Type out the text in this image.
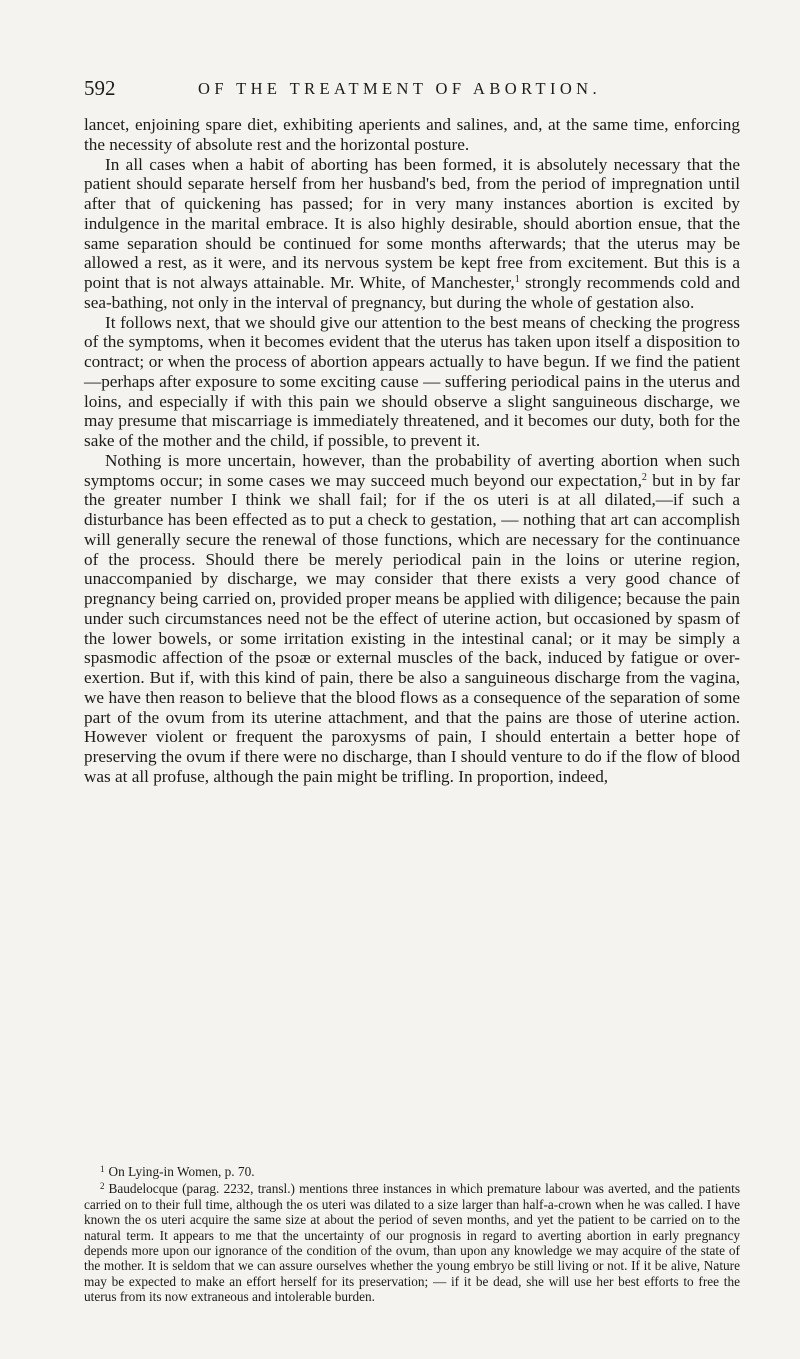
592	OF THE TREATMENT OF ABORTION.

lancet, enjoining spare diet, exhibiting aperients and salines, and, at the same time, enforcing the necessity of absolute rest and the horizontal posture.

In all cases when a habit of aborting has been formed, it is absolutely necessary that the patient should separate herself from her husband's bed, from the period of impregnation until after that of quickening has passed; for in very many instances abortion is excited by indulgence in the marital embrace. It is also highly desirable, should abortion ensue, that the same separation should be continued for some months afterwards; that the uterus may be allowed a rest, as it were, and its nervous system be kept free from excitement. But this is a point that is not always attainable. Mr. White, of Manchester,$^1$ strongly recommends cold and sea-bathing, not only in the interval of pregnancy, but during the whole of gestation also.

It follows next, that we should give our attention to the best means of checking the progress of the symptoms, when it becomes evident that the uterus has taken upon itself a disposition to contract; or when the process of abortion appears actually to have begun. If we find the patient—perhaps after exposure to some exciting cause — suffering periodical pains in the uterus and loins, and especially if with this pain we should observe a slight sanguineous discharge, we may presume that miscarriage is immediately threatened, and it becomes our duty, both for the sake of the mother and the child, if possible, to prevent it.

Nothing is more uncertain, however, than the probability of averting abortion when such symptoms occur; in some cases we may succeed much beyond our expectation,$^2$ but in by far the greater number I think we shall fail; for if the os uteri is at all dilated,—if such a disturbance has been effected as to put a check to gestation, — nothing that art can accomplish will generally secure the renewal of those functions, which are necessary for the continuance of the process. Should there be merely periodical pain in the loins or uterine region, unaccompanied by discharge, we may consider that there exists a very good chance of pregnancy being carried on, provided proper means be applied with diligence; because the pain under such circumstances need not be the effect of uterine action, but occasioned by spasm of the lower bowels, or some irritation existing in the intestinal canal; or it may be simply a spasmodic affection of the psoæ or external muscles of the back, induced by fatigue or over-exertion. But if, with this kind of pain, there be also a sanguineous discharge from the vagina, we have then reason to believe that the blood flows as a consequence of the separation of some part of the ovum from its uterine attachment, and that the pains are those of uterine action. However violent or frequent the paroxysms of pain, I should entertain a better hope of preserving the ovum if there were no discharge, than I should venture to do if the flow of blood was at all profuse, although the pain might be trifling. In proportion, indeed,

$^1$ On Lying-in Women, p. 70.

$^2$ Baudelocque (parag. 2232, transl.) mentions three instances in which premature labour was averted, and the patients carried on to their full time, although the os uteri was dilated to a size larger than half-a-crown when he was called. I have known the os uteri acquire the same size at about the period of seven months, and yet the patient to be carried on to the natural term. It appears to me that the uncertainty of our prognosis in regard to averting abortion in early pregnancy depends more upon our ignorance of the condition of the ovum, than upon any knowledge we may acquire of the state of the mother. It is seldom that we can assure ourselves whether the young embryo be still living or not. If it be alive, Nature may be expected to make an effort herself for its preservation; — if it be dead, she will use her best efforts to free the uterus from its now extraneous and intolerable burden.
